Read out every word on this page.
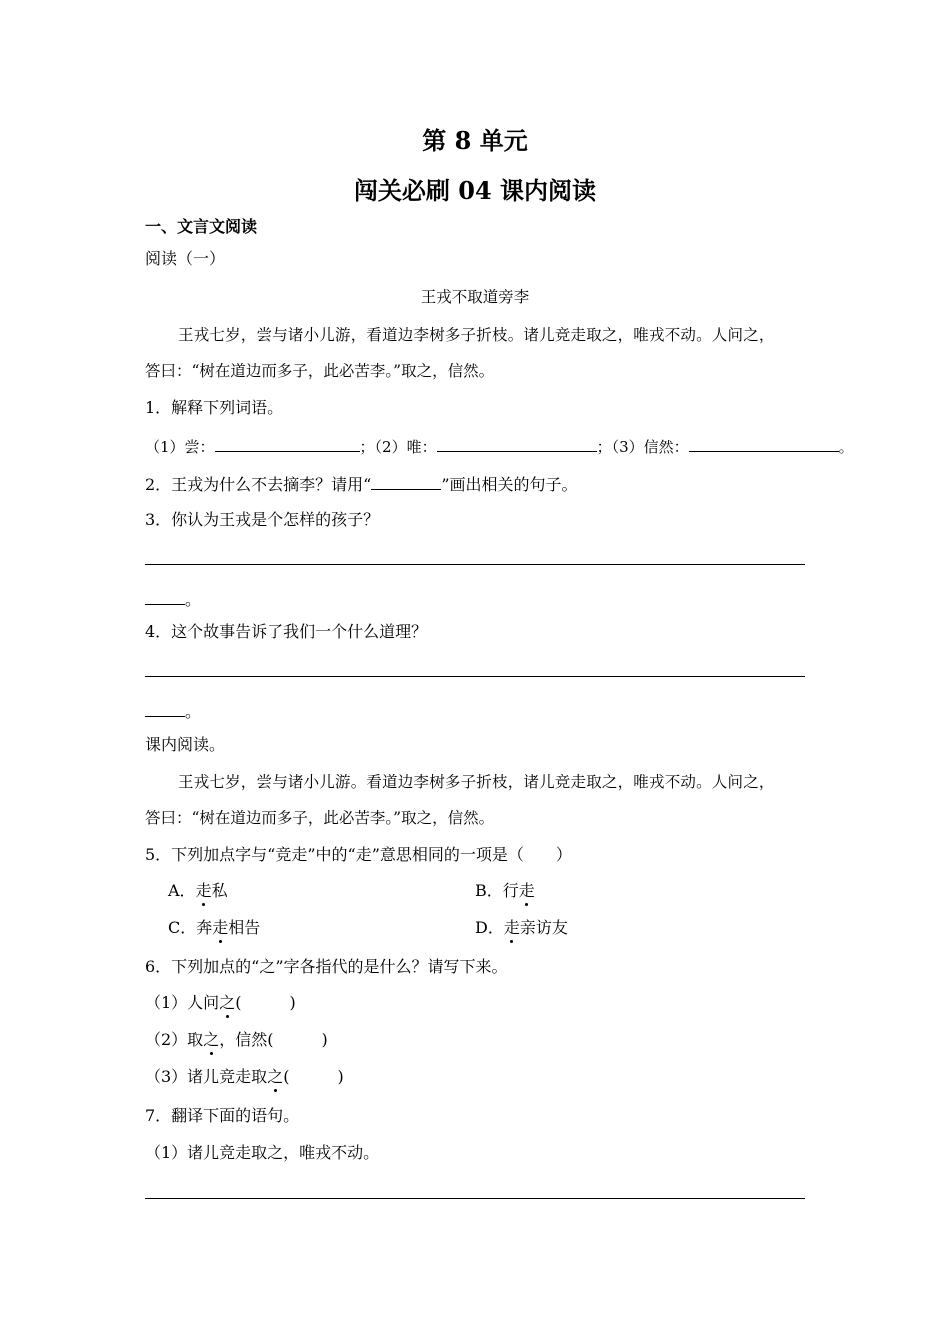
第 8 单元
闯关必刷 04 课内阅读
一、文言文阅读
阅读（一）
王戎不取道旁李
王戎七岁，尝与诸小儿游，看道边李树多子折枝。诸儿竞走取之，唯戎不动。人问之，
答曰：“树在道边而多子，此必苦李。”取之，信然。
1．解释下列词语。
（1）尝：	；（2）唯：	；（3）信然：	。
2．王戎为什么不去摘李？请用“	”画出相关的句子。
3．你认为王戎是个怎样的孩子？
。
4．这个故事告诉了我们一个什么道理？
。
课内阅读。
王戎七岁，尝与诸小儿游。看道边李树多子折枝，诸儿竞走取之，唯戎不动。人问之，
答曰：“树在道边而多子，此必苦李。”取之，信然。
5．下列加点字与“竞走”中的“走”意思相同的一项是（　　）
A．走私	B．行走
C．奔走相告	D．走亲访友
6．下列加点的“之”字各指代的是什么？请写下来。
（1）人问之(　　　)
（2）取之，信然(　　　)
（3）诸儿竞走取之(　　　)
7．翻译下面的语句。
（1）诸儿竞走取之，唯戎不动。
